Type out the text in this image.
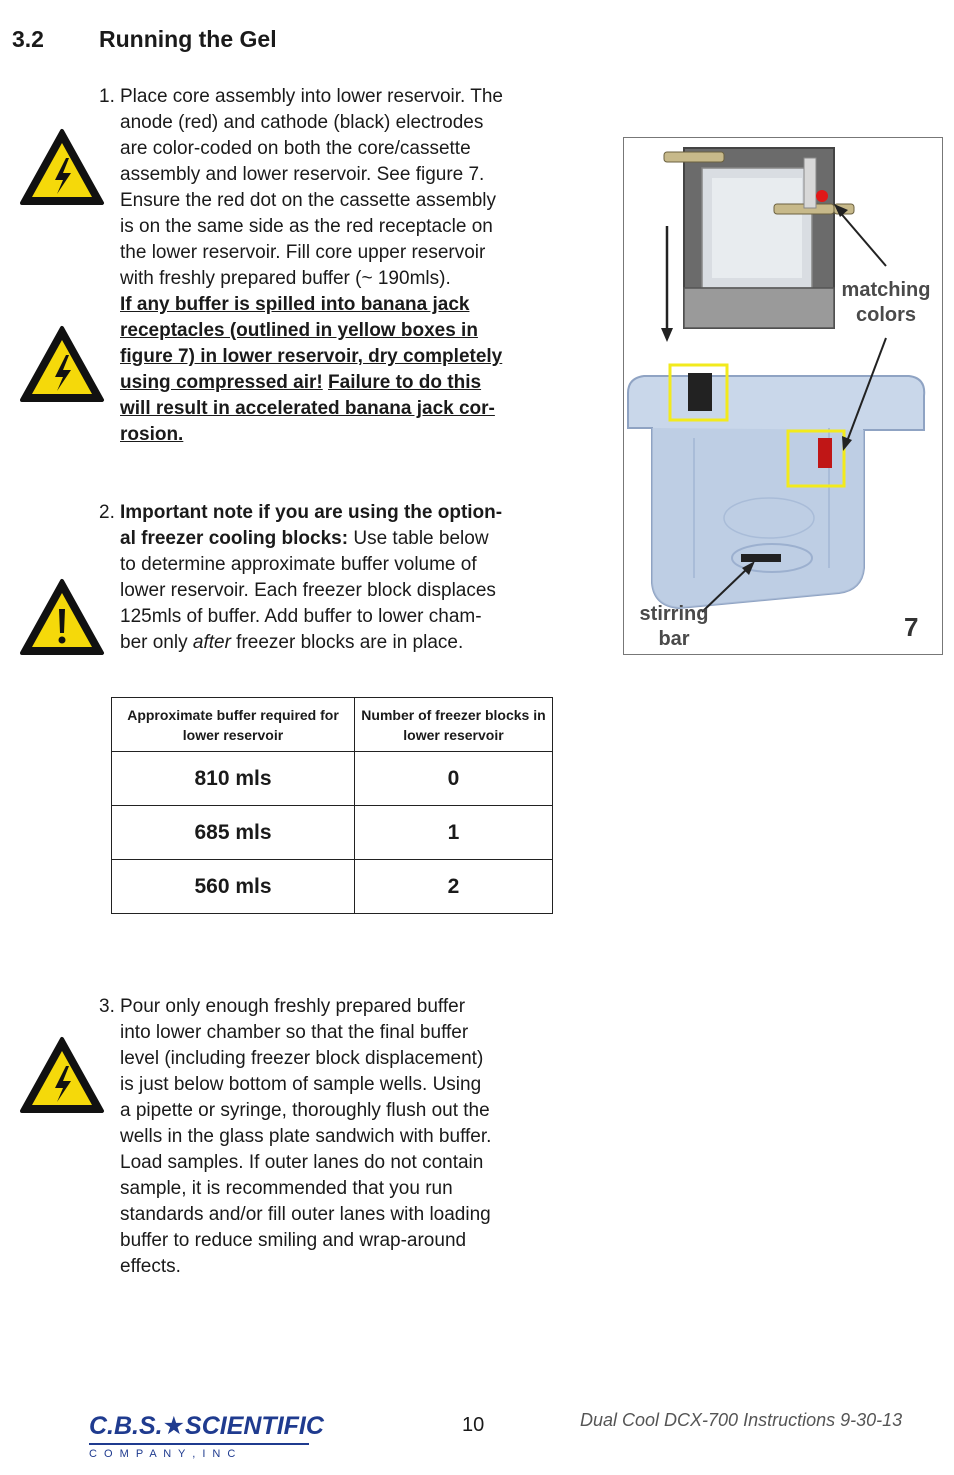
3.2 Running the Gel
1. Place core assembly into lower reservoir. The
anode (red) and cathode (black) electrodes
are color-coded on both the core/cassette
assembly and lower reservoir. See figure 7.
Ensure the red dot on the cassette assembly
is on the same side as the red receptacle on
the lower reservoir. Fill core upper reservoir
with freshly prepared buffer (~ 190mls).
If any buffer is spilled into banana jack
receptacles (outlined in yellow boxes in
figure 7) in lower reservoir, dry completely
using compressed air! Failure to do this
will result in accelerated banana jack cor-
rosion.
2. Important note if you are using the option-
al freezer cooling blocks: Use table below
to determine approximate buffer volume of
lower reservoir. Each freezer block displaces
125mls of buffer. Add buffer to lower cham-
ber only after freezer blocks are in place.
Approximate buffer required for lower reservoir	Number of freezer blocks in lower reservoir
810 mls	0
685 mls	1
560 mls	2
3. Pour only enough freshly prepared buffer
into lower chamber so that the final buffer
level (including freezer block displacement)
is just below bottom of sample wells. Using
a pipette or syringe, thoroughly flush out the
wells in the glass plate sandwich with buffer.
Load samples. If outer lanes do not contain
sample, it is recommended that you run
standards and/or fill outer lanes with loading
buffer to reduce smiling and wrap-around
effects.
matching
colors
stirring
bar	7
C.B.S.★SCIENTIFIC
C O M P A N Y , I N C
10	Dual Cool DCX-700 Instructions 9-30-13
